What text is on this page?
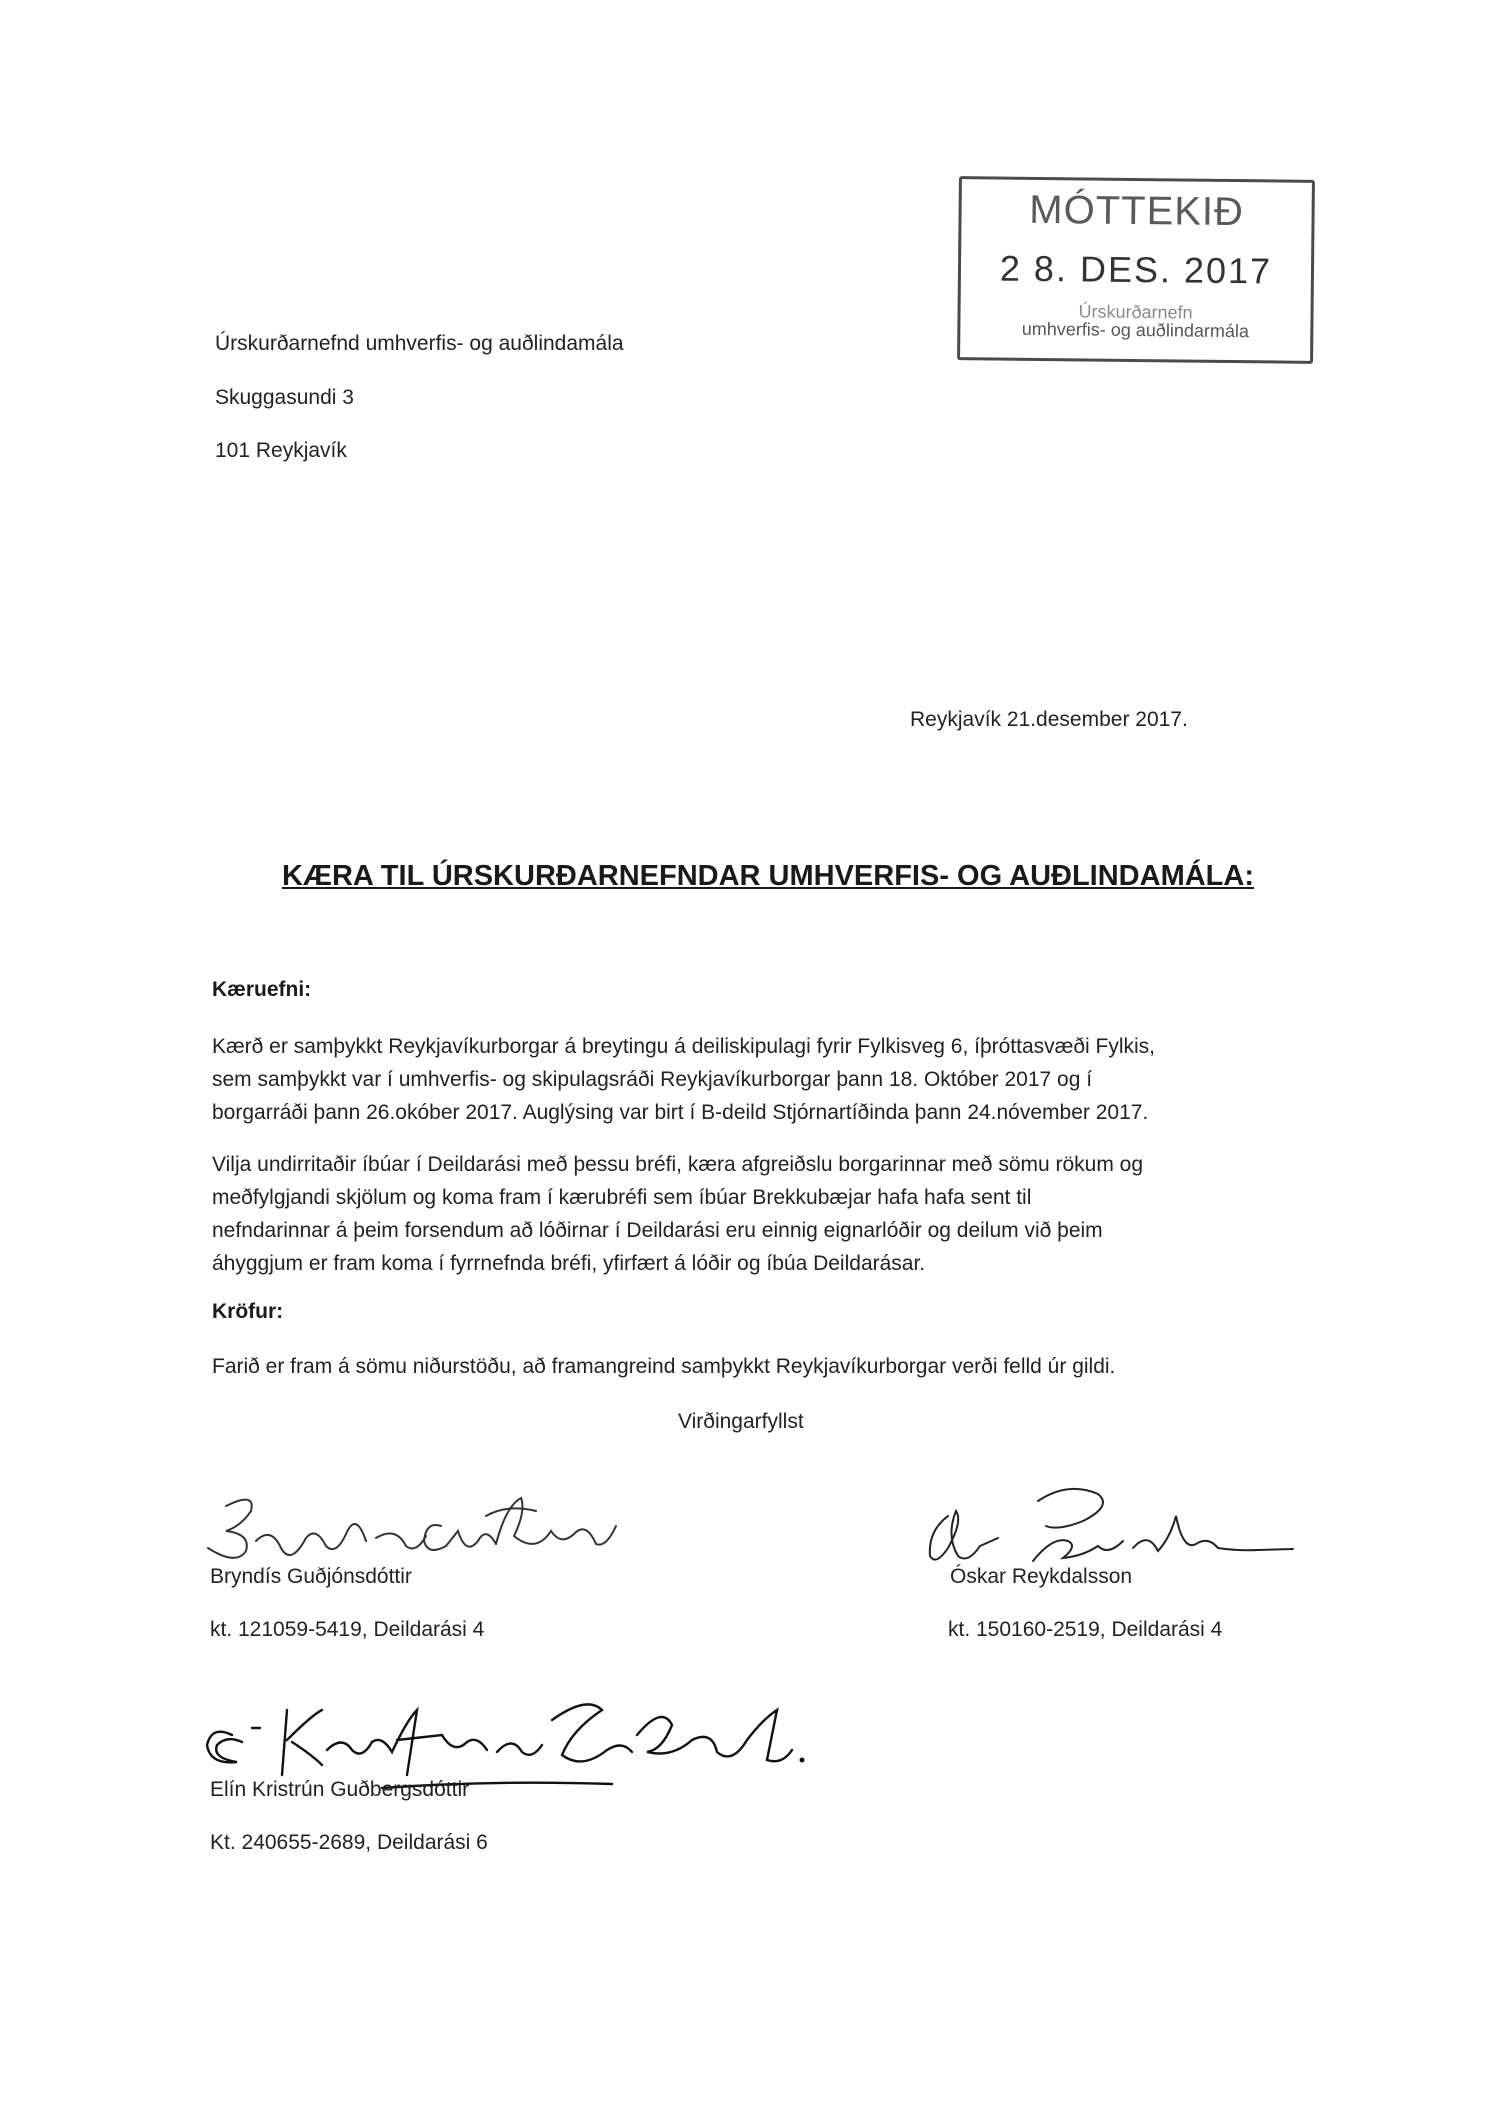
Úrskurðarnefnd umhverfis- og auðlindamála
Skuggasundi 3
101 Reykjavík
MÓTTEKIÐ
2 8. DES. 2017
Úrskurðarnefn
umhverfis- og auðlindarmála
Reykjavík 21.desember 2017.
KÆRA TIL ÚRSKURÐARNEFNDAR UMHVERFIS- OG AUÐLINDAMÁLA:
Kæruefni:

Kærð er samþykkt Reykjavíkurborgar á breytingu á deiliskipulagi fyrir Fylkisveg 6, íþróttasvæði Fylkis,

sem samþykkt var í umhverfis- og skipulagsráði Reykjavíkurborgar þann 18. Október 2017 og í

borgarráði þann 26.okóber 2017. Auglýsing var birt í B-deild Stjórnartíðinda þann 24.nóvember 2017.

Vilja undirritaðir íbúar í Deildarási með þessu bréfi, kæra afgreiðslu borgarinnar með sömu rökum og

meðfylgjandi skjölum og koma fram í kærubréfi sem íbúar Brekkubæjar hafa hafa sent til

nefndarinnar á þeim forsendum að lóðirnar í Deildarási eru einnig eignarlóðir og deilum við þeim

áhyggjum er fram koma í fyrrnefnda bréfi, yfirfært á lóðir og íbúa Deildarásar.

Kröfur:

Farið er fram á sömu niðurstöðu, að framangreind samþykkt Reykjavíkurborgar verði felld úr gildi.

Virðingarfyllst
Bryndís Guðjónsdóttir
kt. 121059-5419, Deildarási 4
Óskar Reykdalsson
kt. 150160-2519, Deildarási 4
Elín Kristrún Guðbergsdóttir
Kt. 240655-2689, Deildarási 6
